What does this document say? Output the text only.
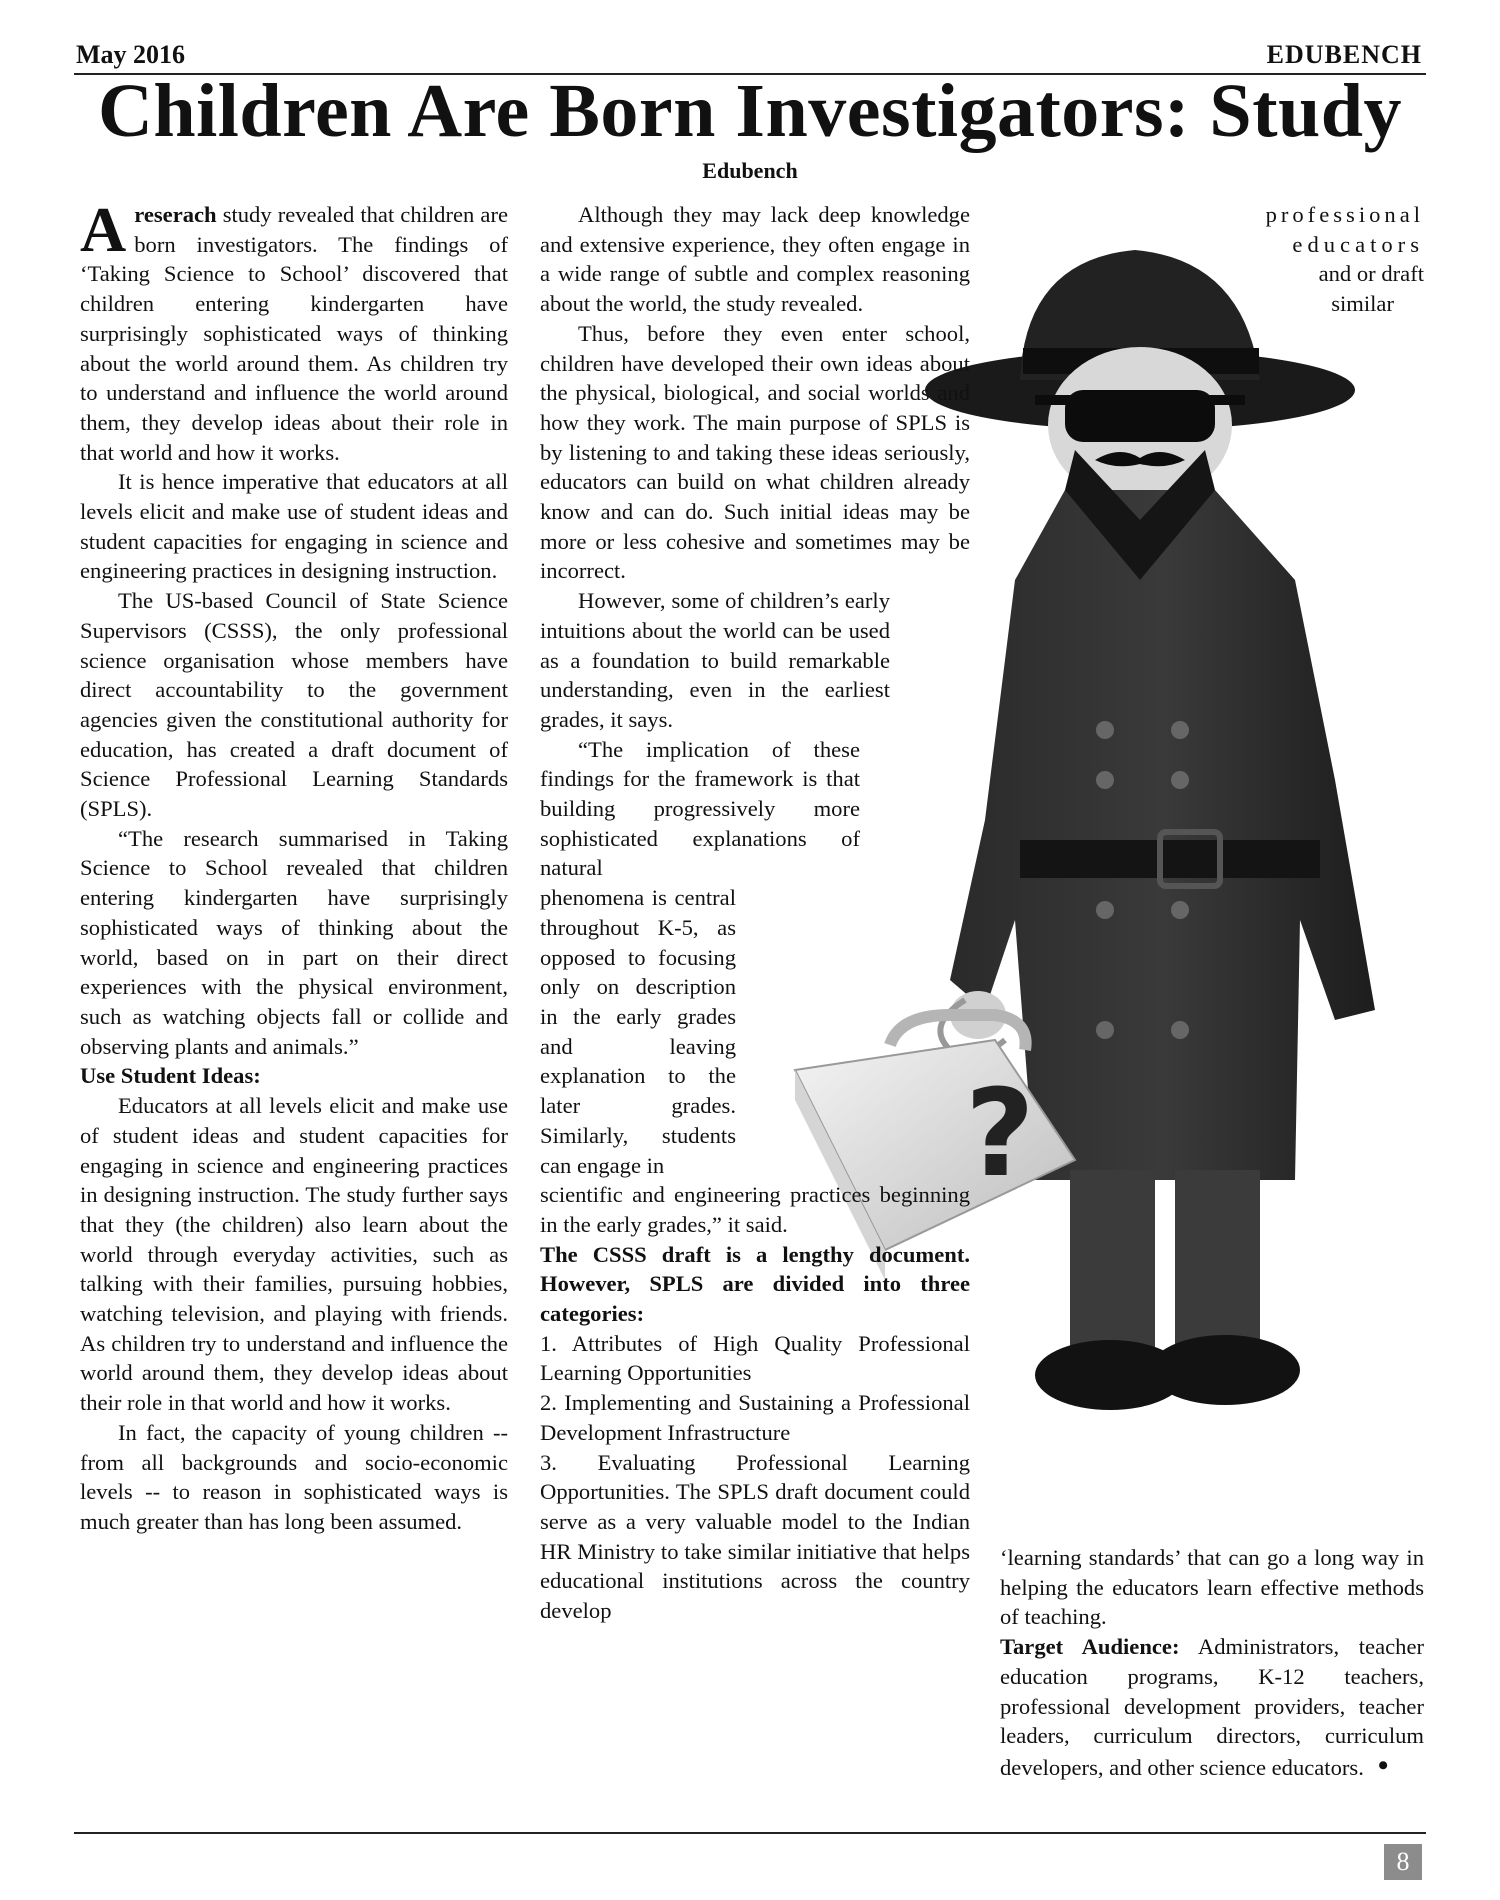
May 2016	EDUBENCH
Children Are Born Investigators: Study
Edubench
?

Areserach study revealed that children are born investigators. The findings of ‘Taking Science to School’ discovered that children entering kindergarten have surprisingly sophisticated ways of thinking about the world around them. As children try to understand and influence the world around them, they develop ideas about their role in that world and how it works.

It is hence imperative that educators at all levels elicit and make use of student ideas and student capacities for engaging in science and engineering practices in designing instruction.

The US-based Council of State Science Supervisors (CSSS), the only professional science organisation whose members have direct accountability to the government agencies given the constitutional authority for education, has created a draft document of Science Professional Learning Standards (SPLS).

“The research summarised in Taking Science to School revealed that children entering kindergarten have surprisingly sophisticated ways of thinking about the world, based on in part on their direct experiences with the physical environment, such as watching objects fall or collide and observing plants and animals.”

Use Student Ideas:

Educators at all levels elicit and make use of student ideas and student capacities for engaging in science and engineering practices in designing instruction. The study further says that they (the children) also learn about the world through everyday activities, such as talking with their families, pursuing hobbies, watching television, and playing with friends. As children try to understand and influence the world around them, they develop ideas about their role in that world and how it works.

In fact, the capacity of young children -- from all backgrounds and socio-economic levels -- to reason in sophisticated ways is much greater than has long been assumed.

Although they may lack deep knowledge and extensive experience, they often engage in a wide range of subtle and complex reasoning about the world, the study revealed.

Thus, before they even enter school, children have developed their own ideas about the physical, biological, and social worlds and how they work. The main purpose of SPLS is by listening to and taking these ideas seriously, educators can build on what children already know and can do. Such initial ideas may be more or less cohesive and sometimes may be incorrect.

However, some of children’s early intuitions about the world can be used as a foundation to build remarkable understanding, even in the earliest grades, it says.

“The implication of these findings for the framework is that building progressively more sophisticated explanations of natural

phenomena is central throughout K-5, as opposed to focusing only on description in the early grades and leaving explanation to the later grades. Similarly, students can engage in

scientific and engineering practices beginning in the early grades,” it said.

The CSSS draft is a lengthy document. However, SPLS are divided into three categories:

1. Attributes of High Quality Professional Learning Opportunities

2. Implementing and Sustaining a Professional Development Infrastructure

3. Evaluating Professional Learning Opportunities. The SPLS draft document could serve as a very valuable model to the Indian HR Ministry to take similar initiative that helps educational institutions across the country develop

professional
educators
and or draft
similar

‘learning standards’ that can go a long way in helping the educators learn effective methods of teaching.

Target Audience: Administrators, teacher education programs, K-12 teachers, professional development providers, teacher leaders, curriculum directors, curriculum developers, and other science educators. •

8
